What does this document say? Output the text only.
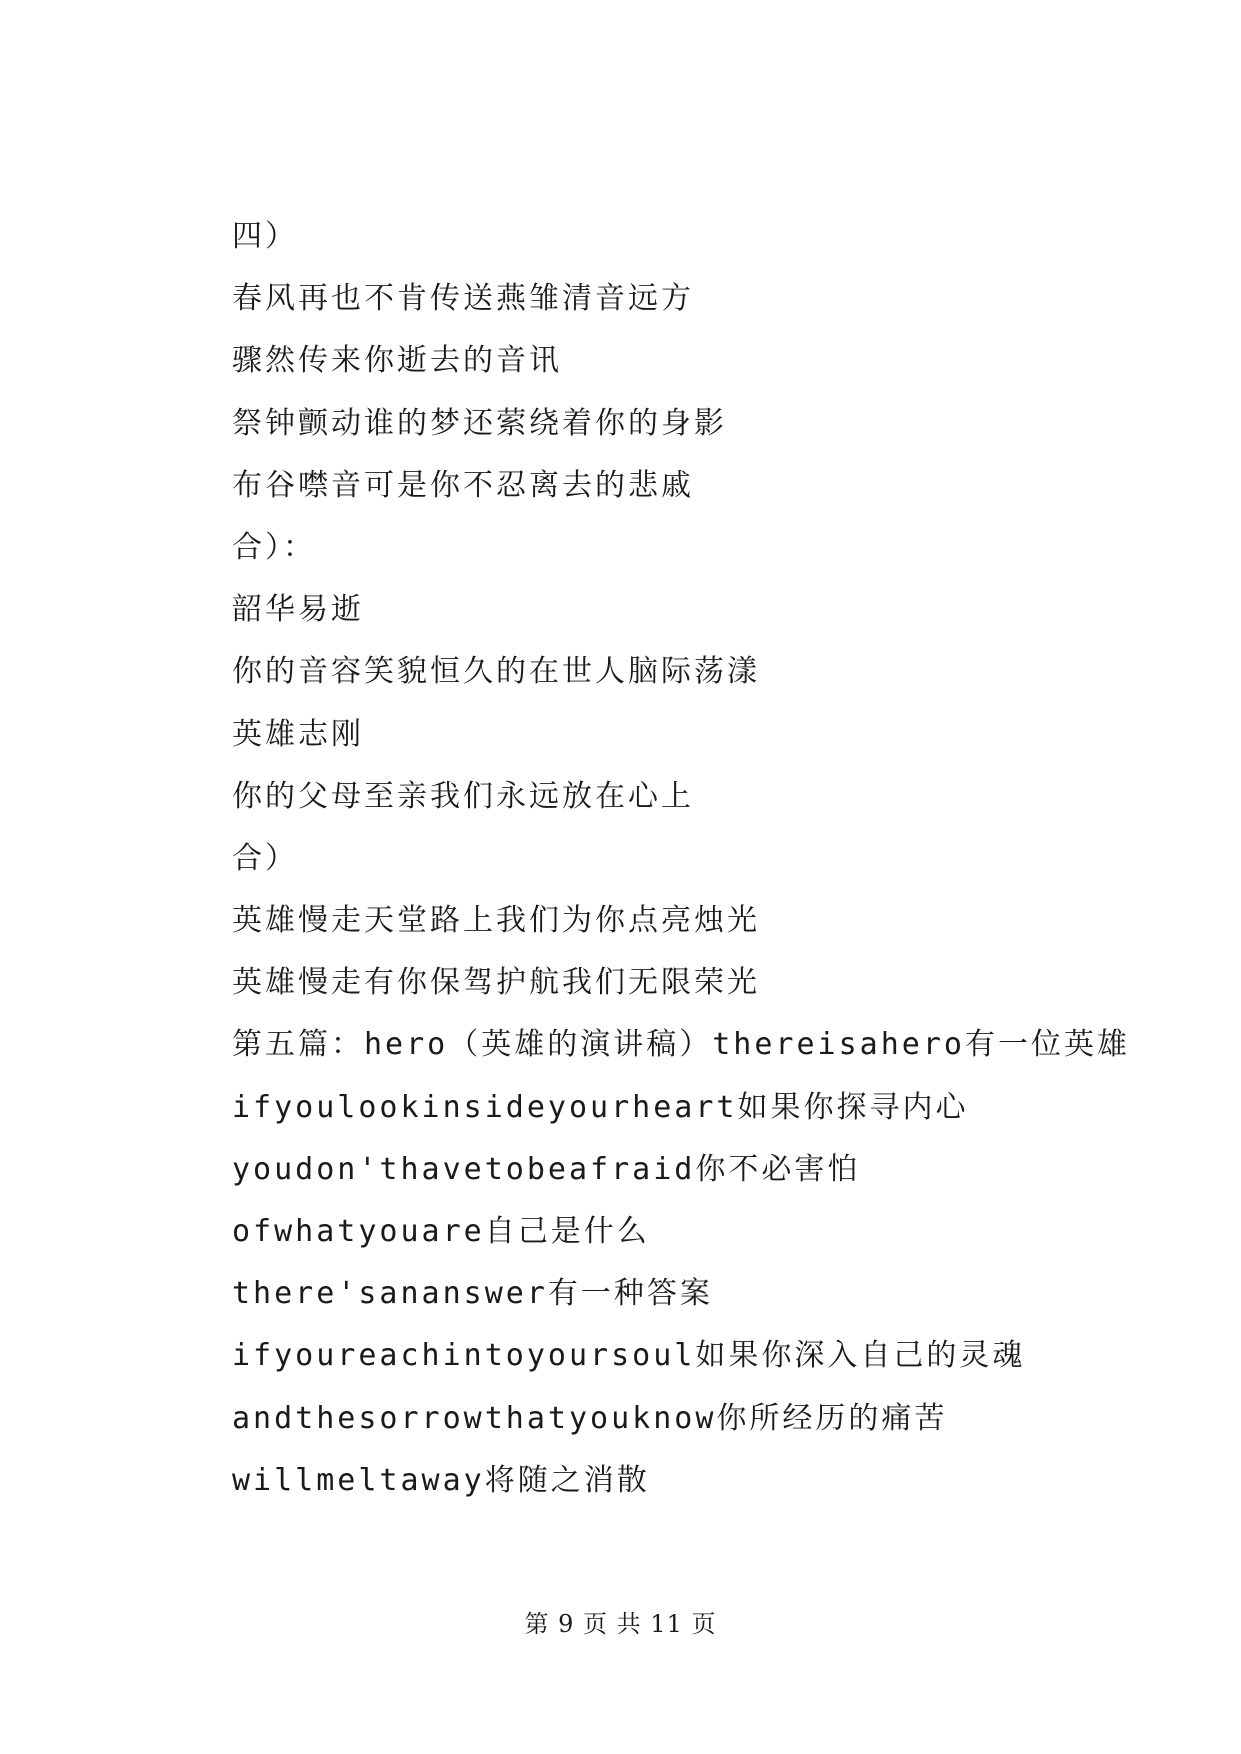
四）
春风再也不肯传送燕雏清音远方
骤然传来你逝去的音讯
祭钟颤动谁的梦还萦绕着你的身影
布谷噤音可是你不忍离去的悲戚
合）：
韶华易逝
你的音容笑貌恒久的在世人脑际荡漾
英雄志刚
你的父母至亲我们永远放在心上
合）
英雄慢走天堂路上我们为你点亮烛光
英雄慢走有你保驾护航我们无限荣光
第五篇：hero（英雄的演讲稿）thereisahero有一位英雄
ifyoulookinsideyourheart如果你探寻内心
youdon'thavetobeafraid你不必害怕
ofwhatyouare自己是什么
there'sananswer有一种答案
ifyoureachintoyoursoul如果你深入自己的灵魂
andthesorrowthatyouknow你所经历的痛苦
willmeltaway将随之消散
第 9 页 共 11 页
